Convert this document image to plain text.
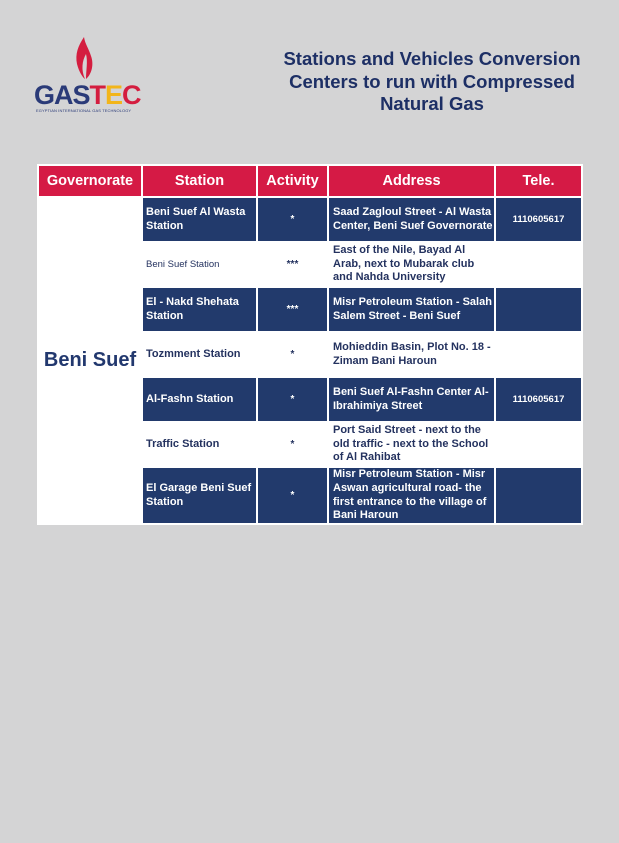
GASTEC
EGYPTIAN INTERNATIONAL GAS TECHNOLOGY
Stations and Vehicles Conversion
Centers to run with Compressed
Natural Gas
Governorate	Station	Activity	Address	Tele.
Beni Suef	Beni Suef Al Wasta Station	*	Saad Zagloul Street - Al Wasta Center, Beni Suef Governorate	1110605617
	Beni Suef Station	***	East of the Nile, Bayad Al Arab, next to Mubarak club and Nahda University	
	El - Nakd Shehata Station	***	Misr Petroleum Station - Salah Salem Street - Beni Suef	
	Tozmment Station	*	Mohieddin Basin, Plot No. 18 - Zimam Bani Haroun	
	Al-Fashn Station	*	Beni Suef Al-Fashn Center Al-Ibrahimiya Street	1110605617
	Traffic Station	*	Port Said Street - next to the old traffic - next to the School of Al Rahibat	
	El Garage Beni Suef Station	*	Misr Petroleum Station - Misr Aswan agricultural road- the first entrance to the village of Bani Haroun	
